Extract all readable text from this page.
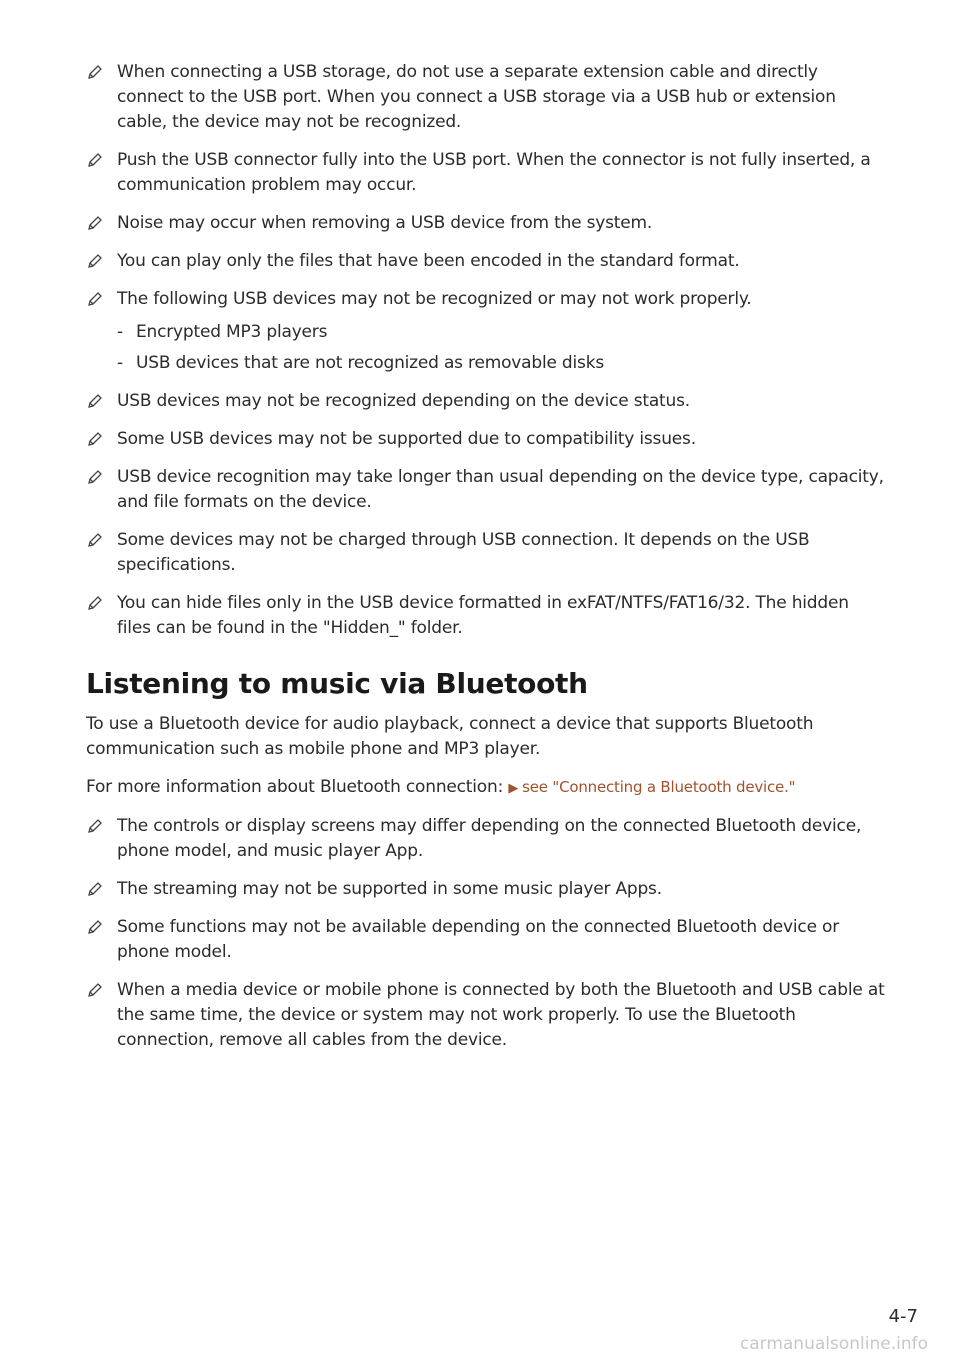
When connecting a USB storage, do not use a separate extension cable and directly connect to the USB port. When you connect a USB storage via a USB hub or extension cable, the device may not be recognized.
Push the USB connector fully into the USB port. When the connector is not fully inserted, a communication problem may occur.
Noise may occur when removing a USB device from the system.
You can play only the files that have been encoded in the standard format.
The following USB devices may not be recognized or may not work properly.
- Encrypted MP3 players
- USB devices that are not recognized as removable disks
USB devices may not be recognized depending on the device status.
Some USB devices may not be supported due to compatibility issues.
USB device recognition may take longer than usual depending on the device type, capacity, and file formats on the device.
Some devices may not be charged through USB connection. It depends on the USB specifications.
You can hide files only in the USB device formatted in exFAT/NTFS/FAT16/32. The hidden files can be found in the "Hidden_" folder.
Listening to music via Bluetooth
To use a Bluetooth device for audio playback, connect a device that supports Bluetooth communication such as mobile phone and MP3 player.
For more information about Bluetooth connection: ▶ see "Connecting a Bluetooth device."
The controls or display screens may differ depending on the connected Bluetooth device, phone model, and music player App.
The streaming may not be supported in some music player Apps.
Some functions may not be available depending on the connected Bluetooth device or phone model.
When a media device or mobile phone is connected by both the Bluetooth and USB cable at the same time, the device or system may not work properly. To use the Bluetooth connection, remove all cables from the device.
4-7
carmanualsonline.info
